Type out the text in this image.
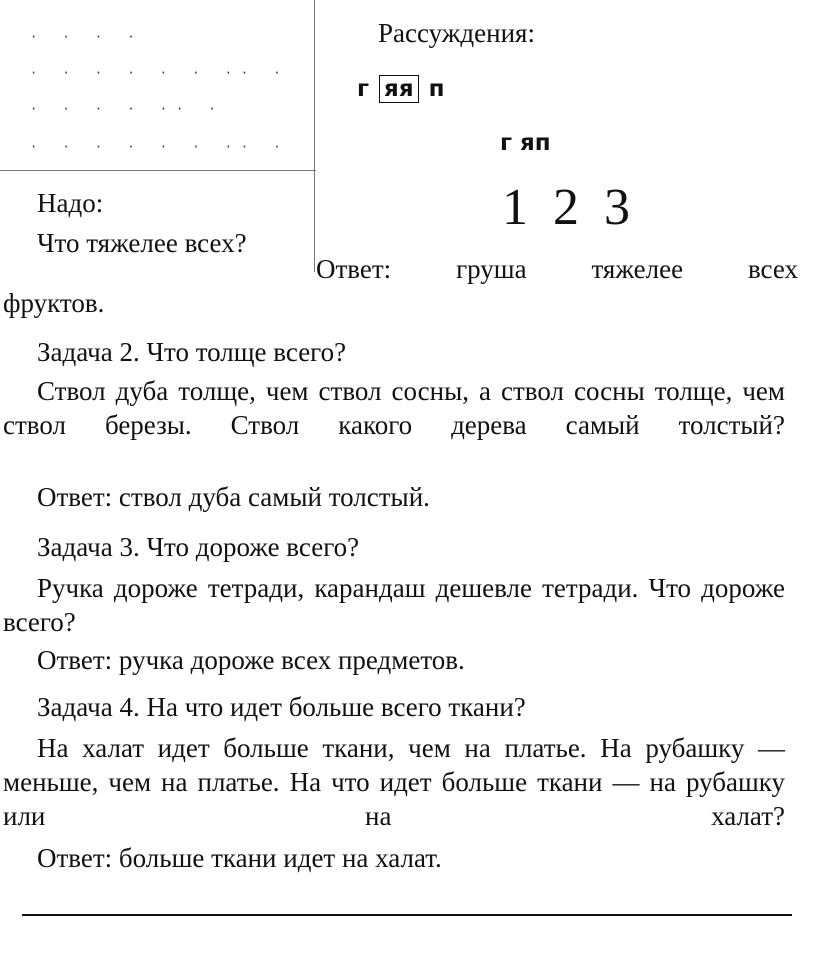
· · · ·
· · · · · · ·· ·
· · · · ·· ·
· · · · · · ·· ·
Рассуждения:
г яя п
г яп
1 2 3
Надо:
Что тяжелее всех?
Ответ: груша тяжелее всех
фруктов.
Задача 2. Что толще всего?
Ствол дуба толще, чем ствол сосны, а ствол сосны толще, чем ствол березы. Ствол какого дерева самый толстый?
Ответ: ствол дуба самый толстый.
Задача 3. Что дороже всего?
Ручка дороже тетради, карандаш дешевле тетради. Что дороже всего?
Ответ: ручка дороже всех предметов.
Задача 4. На что идет больше всего ткани?
На халат идет больше ткани, чем на платье. На рубашку — меньше, чем на платье. На что идет больше ткани — на рубашку или на халат?
Ответ: больше ткани идет на халат.
